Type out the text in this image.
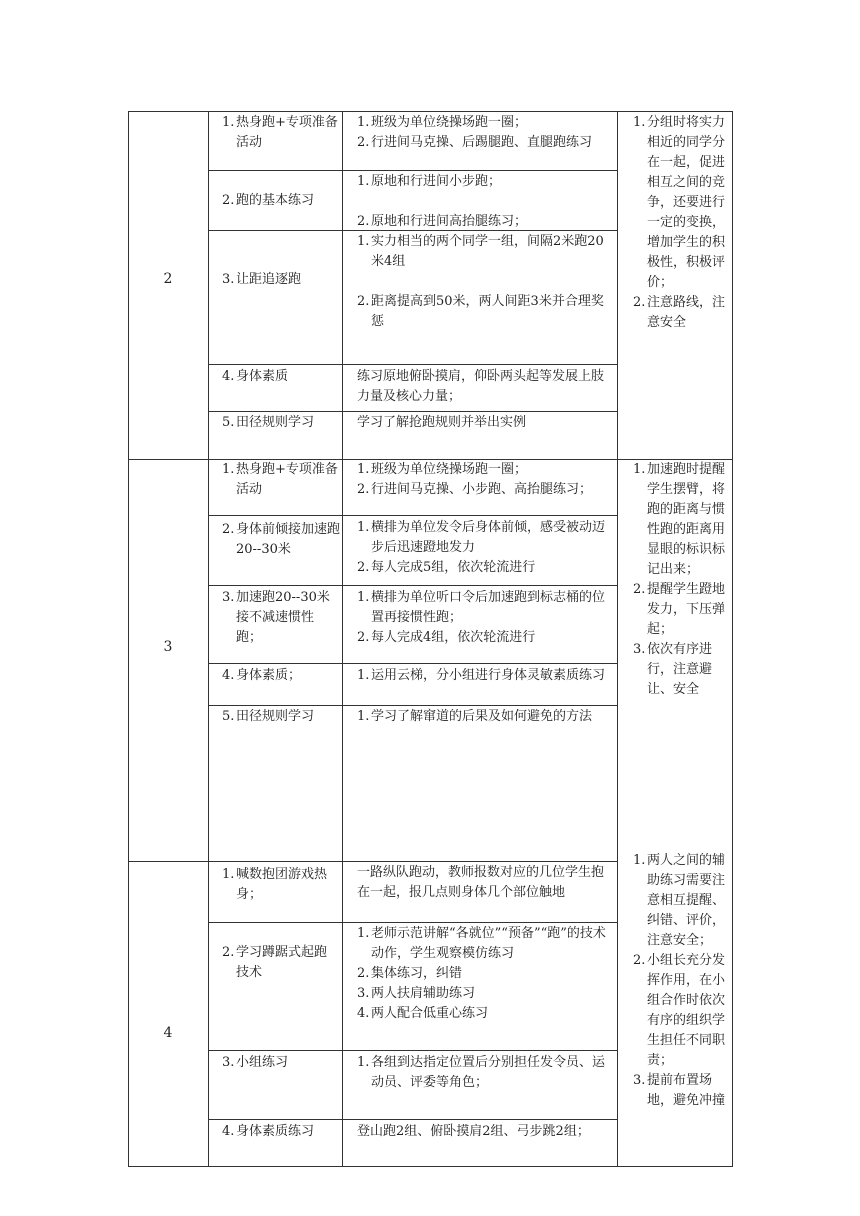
2
3
4
1. 热身跑+专项准备活动
2. 跑的基本练习
3. 让距追逐跑
4. 身体素质
5. 田径规则学习
1. 班级为单位绕操场跑一圈；
2. 行进间马克操、后踢腿跑、直腿跑练习
1. 原地和行进间小步跑；
2. 原地和行进间高抬腿练习；
1. 实力相当的两个同学一组，间隔2米跑20米4组
2. 距离提高到50米，两人间距3米并合理奖惩
练习原地俯卧摸肩，仰卧两头起等发展上肢力量及核心力量；
学习了解抢跑规则并举出实例
1. 分组时将实力相近的同学分在一起，促进相互之间的竞争，还要进行一定的变换，增加学生的积极性，积极评价；
2. 注意路线，注意安全
1. 热身跑+专项准备活动
2. 身体前倾接加速跑20--30米
3. 加速跑20--30米接不减速惯性跑；
4. 身体素质；
5. 田径规则学习
1. 班级为单位绕操场跑一圈；
2. 行进间马克操、小步跑、高抬腿练习；
1. 横排为单位发令后身体前倾，感受被动迈步后迅速蹬地发力
2. 每人完成5组，依次轮流进行
1. 横排为单位听口令后加速跑到标志桶的位置再接惯性跑；
2. 每人完成4组，依次轮流进行
1. 运用云梯，分小组进行身体灵敏素质练习
1. 学习了解窜道的后果及如何避免的方法
1. 加速跑时提醒学生摆臂，将跑的距离与惯性跑的距离用显眼的标识标记出来；
2. 提醒学生蹬地发力，下压弹起；
3. 依次有序进行，注意避让、安全
1. 喊数抱团游戏热身；
2. 学习蹲踞式起跑技术
3. 小组练习
4. 身体素质练习
一路纵队跑动，教师报数对应的几位学生抱在一起，报几点则身体几个部位触地
1. 老师示范讲解“各就位”“预备”“跑”的技术动作，学生观察模仿练习
2. 集体练习，纠错
3. 两人扶肩辅助练习
4. 两人配合低重心练习
1. 各组到达指定位置后分别担任发令员、运动员、评委等角色；
登山跑2组、俯卧摸肩2组、弓步跳2组；
1. 两人之间的辅助练习需要注意相互提醒、纠错、评价，注意安全；
2. 小组长充分发挥作用，在小组合作时依次有序的组织学生担任不同职责；
3. 提前布置场地，避免冲撞
